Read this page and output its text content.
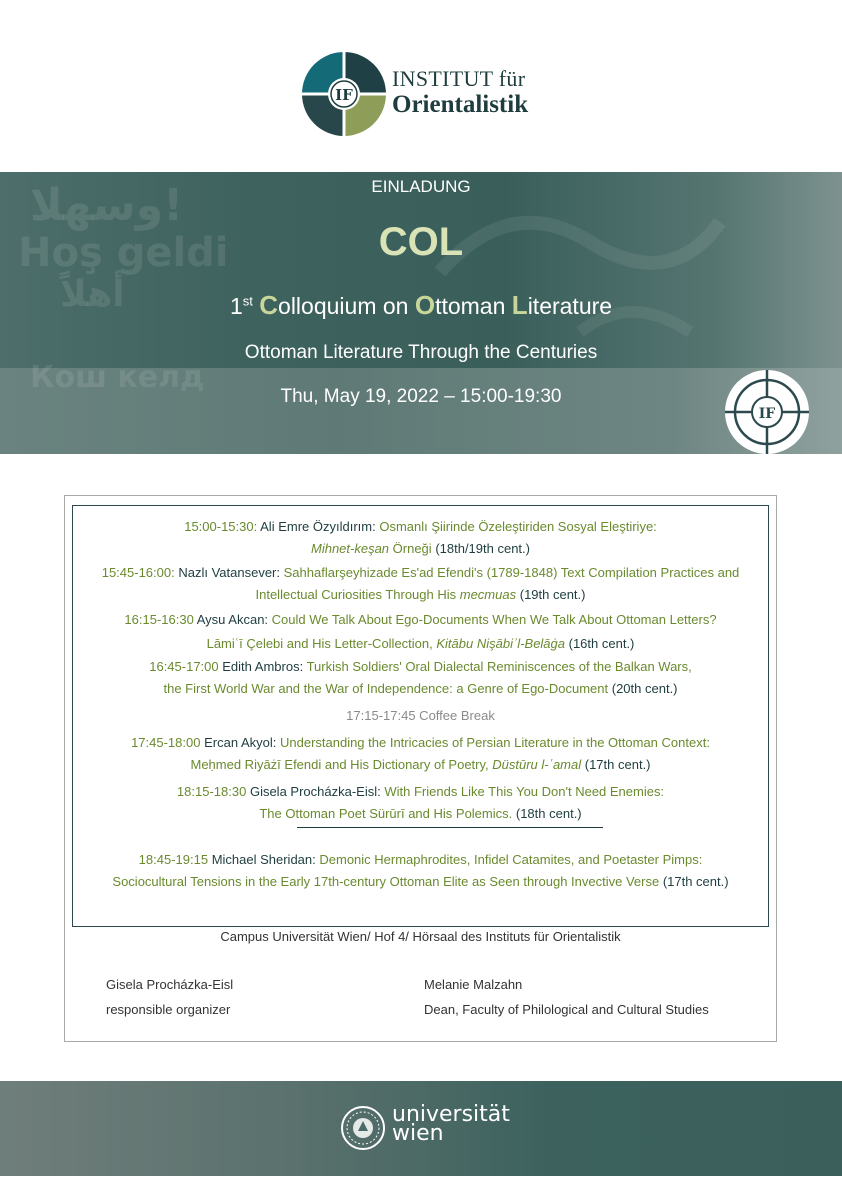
IF
INSTITUT für
Orientalistik
وسهلا!
Hoş geldi
أهلاً
Кош келд
EINLADUNG
COL
1st Colloquium on Ottoman Literature
Ottoman Literature Through the Centuries
Thu, May 19, 2022 – 15:00-19:30
IF
15:00-15:30: Ali Emre Özyıldırım: Osmanlı Şiirinde Özeleştiriden Sosyal Eleştiriye:
Mihnet-keşan Örneği (18th/19th cent.)
15:45-16:00: Nazlı Vatansever: Sahhaflarşeyhizade Es'ad Efendi's (1789-1848) Text Compilation Practices and
Intellectual Curiosities Through His mecmuas (19th cent.)
16:15-16:30 Aysu Akcan: Could We Talk About Ego-Documents When We Talk About Ottoman Letters?
Lāmiʿī Çelebi and His Letter-Collection, Kitābu Nişābiʾl-Belāġa (16th cent.)
16:45-17:00 Edith Ambros: Turkish Soldiers' Oral Dialectal Reminiscences of the Balkan Wars,
the First World War and the War of Independence: a Genre of Ego-Document (20th cent.)
17:15-17:45 Coffee Break
17:45-18:00 Ercan Akyol: Understanding the Intricacies of Persian Literature in the Ottoman Context:
Meḥmed Riyāżī Efendi and His Dictionary of Poetry, Düstūru l-ʿamal (17th cent.)
18:15-18:30 Gisela Procházka-Eisl: With Friends Like This You Don't Need Enemies:
The Ottoman Poet Sürūrī and His Polemics. (18th cent.)
18:45-19:15 Michael Sheridan: Demonic Hermaphrodites, Infidel Catamites, and Poetaster Pimps:
Sociocultural Tensions in the Early 17th-century Ottoman Elite as Seen through Invective Verse (17th cent.)
Campus Universität Wien/ Hof 4/ Hörsaal des Instituts für Orientalistik
Gisela Procházka-Eisl
responsible organizer
Melanie Malzahn
Dean, Faculty of Philological and Cultural Studies
universität
wien
